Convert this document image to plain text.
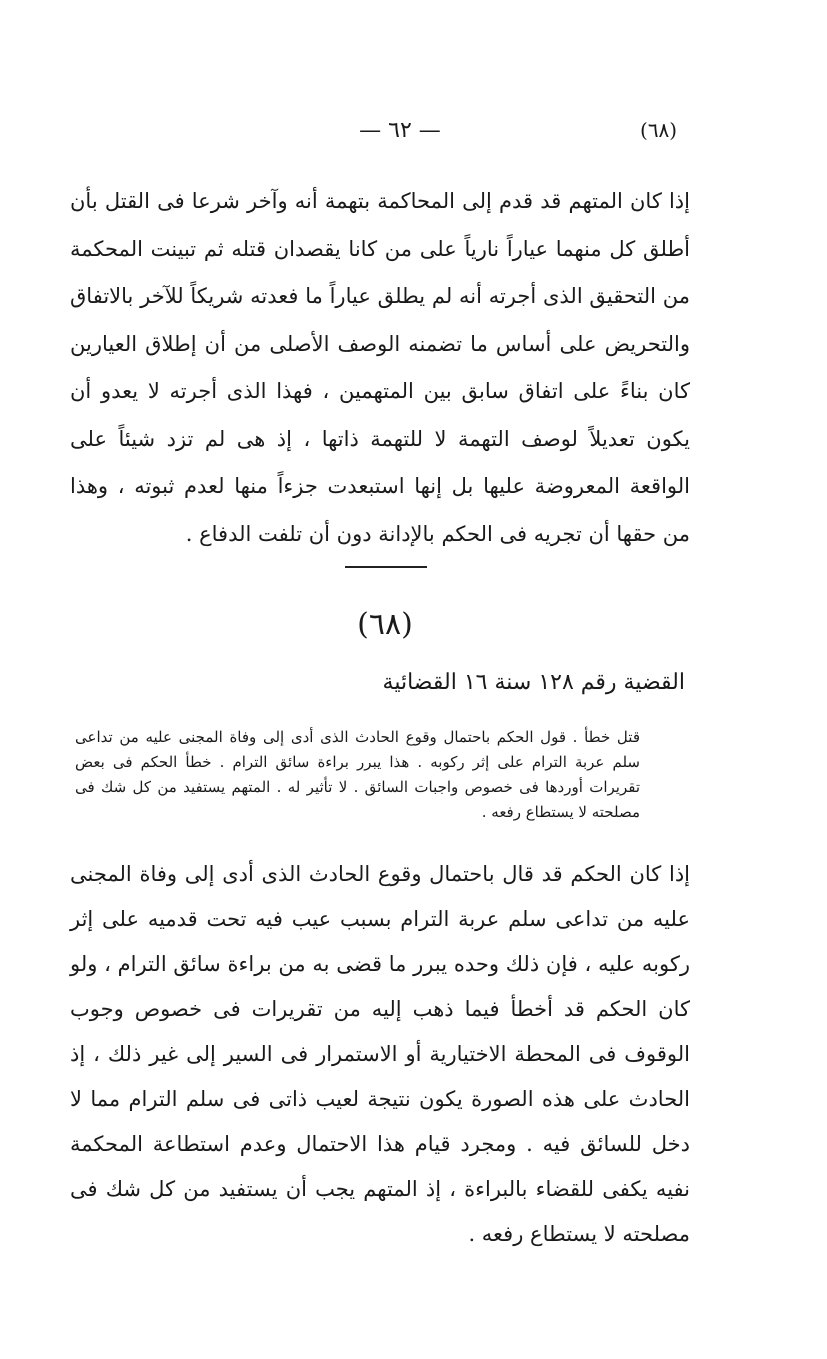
— ٦٢ —	(٦٨)

إذا كان المتهم قد قدم إلى المحاكمة بتهمة أنه وآخر شرعا فى القتل بأن أطلق كل منهما عياراً نارياً على من كانا يقصدان قتله ثم تبينت المحكمة من التحقيق الذى أجرته أنه لم يطلق عياراً ما فعدته شريكاً للآخر بالاتفاق والتحريض على أساس ما تضمنه الوصف الأصلى من أن إطلاق العيارين كان بناءً على اتفاق سابق بين المتهمين ، فهذا الذى أجرته لا يعدو أن يكون تعديلاً لوصف التهمة لا للتهمة ذاتها ، إذ هى لم تزد شيئاً على الواقعة المعروضة عليها بل إنها استبعدت جزءاً منها لعدم ثبوته ، وهذا من حقها أن تجريه فى الحكم بالإدانة دون أن تلفت الدفاع .

(٦٨)
القضية رقم ١٢٨ سنة ١٦ القضائية

قتل خطأ . قول الحكم باحتمال وقوع الحادث الذى أدى إلى وفاة المجنى عليه من تداعى سلم عربة الترام على إثر ركوبه . هذا يبرر براءة سائق الترام . خطأ الحكم فى بعض تقريرات أوردها فى خصوص واجبات السائق . لا تأثير له . المتهم يستفيد من كل شك فى مصلحته لا يستطاع رفعه .

إذا كان الحكم قد قال باحتمال وقوع الحادث الذى أدى إلى وفاة المجنى عليه من تداعى سلم عربة الترام بسبب عيب فيه تحت قدميه على إثر ركوبه عليه ، فإن ذلك وحده يبرر ما قضى به من براءة سائق الترام ، ولو كان الحكم قد أخطأ فيما ذهب إليه من تقريرات فى خصوص وجوب الوقوف فى المحطة الاختيارية أو الاستمرار فى السير إلى غير ذلك ، إذ الحادث على هذه الصورة يكون نتيجة لعيب ذاتى فى سلم الترام مما لا دخل للسائق فيه . ومجرد قيام هذا الاحتمال وعدم استطاعة المحكمة نفيه يكفى للقضاء بالبراءة ، إذ المتهم يجب أن يستفيد من كل شك فى مصلحته لا يستطاع رفعه .
